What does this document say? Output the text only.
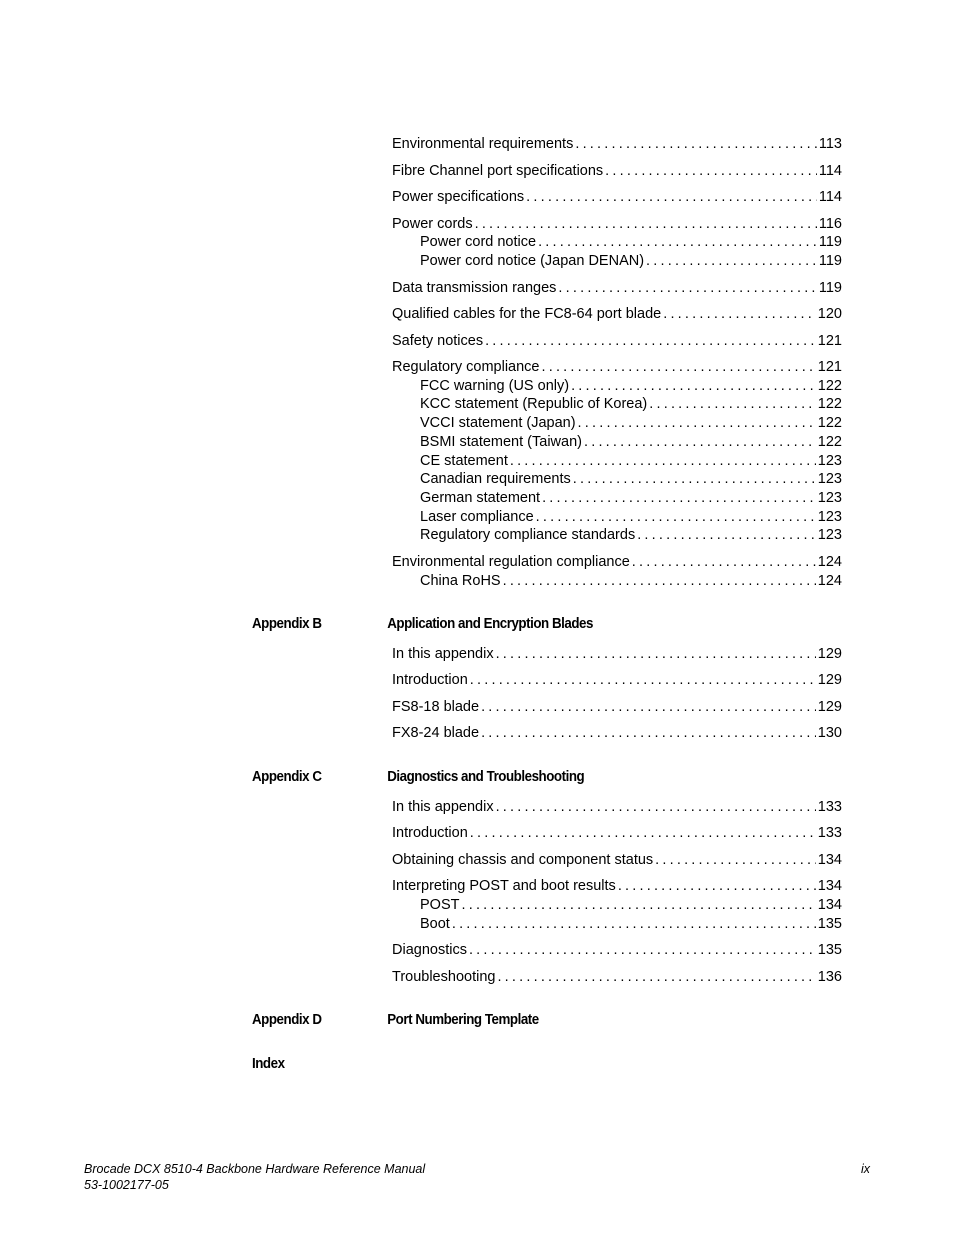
Environmental requirements .....	113
Fibre Channel port specifications .....	114
Power specifications .....	114
Power cords .....	116
Power cord notice .....	119
Power cord notice (Japan DENAN) .....	119
Data transmission ranges .....	119
Qualified cables for the FC8-64 port blade .....	120
Safety notices .....	121
Regulatory compliance .....	121
FCC warning (US only) .....	122
KCC statement (Republic of Korea) .....	122
VCCI statement (Japan) .....	122
BSMI statement (Taiwan) .....	122
CE statement .....	123
Canadian requirements .....	123
German statement .....	123
Laser compliance .....	123
Regulatory compliance standards .....	123
Environmental regulation compliance .....	124
China RoHS .....	124
Appendix B	Application and Encryption Blades
In this appendix .....	129
Introduction .....	129
FS8-18 blade .....	129
FX8-24 blade .....	130
Appendix C	Diagnostics and Troubleshooting
In this appendix .....	133
Introduction .....	133
Obtaining chassis and component status .....	134
Interpreting POST and boot results .....	134
POST .....	134
Boot .....	135
Diagnostics .....	135
Troubleshooting .....	136
Appendix D	Port Numbering Template
Index
Brocade DCX 8510-4 Backbone Hardware Reference Manual
53-1002177-05
ix
